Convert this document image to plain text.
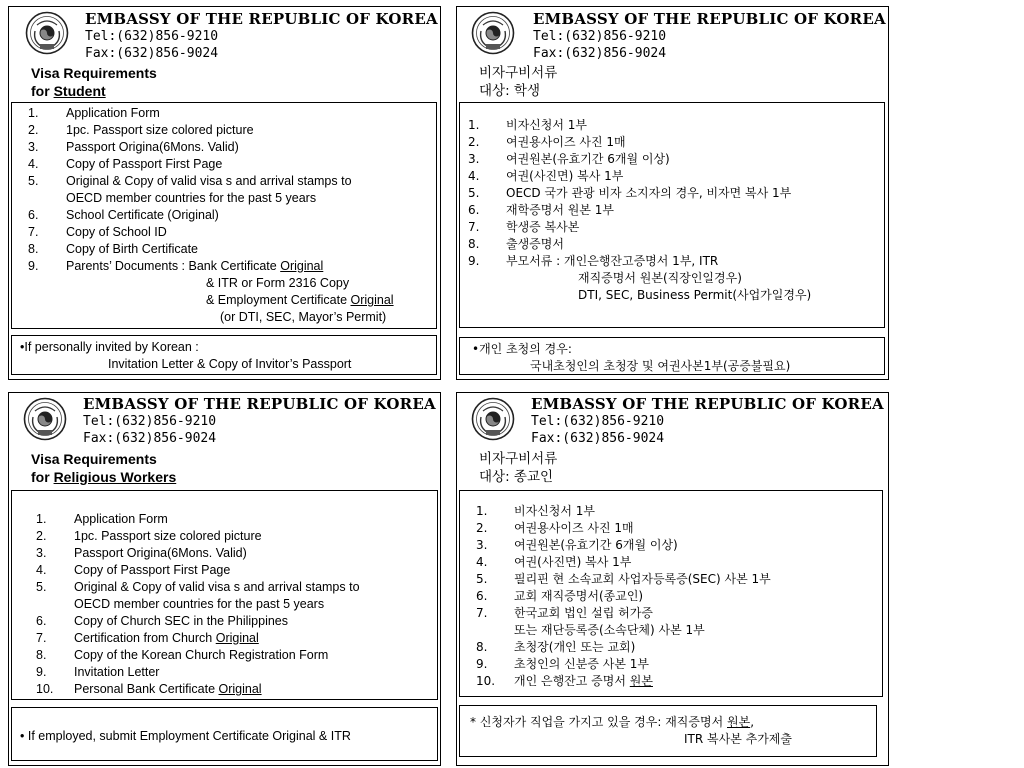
EMBASSY OF THE REPUBLIC OF KOREA
Tel:(632)856-9210
Fax:(632)856-9024
Visa Requirements
for Student
1. Application Form
2. 1pc. Passport size colored picture
3. Passport Origina(6Mons. Valid)
4. Copy of Passport First Page
5. Original & Copy of valid visa s and arrival stamps to
OECD member countries for the past 5 years
6. School Certificate (Original)
7. Copy of School ID
8. Copy of Birth Certificate
9. Parents’ Documents : Bank Certificate Original
& ITR or Form 2316 Copy
& Employment Certificate Original
(or DTI, SEC, Mayor’s Permit)
•If personally invited by Korean :
Invitation Letter & Copy of Invitor’s Passport
EMBASSY OF THE REPUBLIC OF KOREA
Tel:(632)856-9210
Fax:(632)856-9024
비자구비서류
대상: 학생
1. 비자신청서 1부
2. 여권용사이즈 사진 1매
3. 여권원본(유효기간 6개월 이상)
4. 여권(사진면) 복사 1부
5. OECD 국가 관광 비자 소지자의 경우, 비자면 복사 1부
6. 재학증명서 원본 1부
7. 학생증 복사본
8. 출생증명서
9. 부모서류 : 개인은행잔고증명서 1부, ITR
재직증명서 원본(직장인일경우)
DTI, SEC, Business Permit(사업가일경우)
•개인 초청의 경우:
국내초청인의 초청장 및 여권사본1부(공증불필요)
EMBASSY OF THE REPUBLIC OF KOREA
Tel:(632)856-9210
Fax:(632)856-9024
Visa Requirements
for Religious Workers
1. Application Form
2. 1pc. Passport size colored picture
3. Passport Origina(6Mons. Valid)
4. Copy of Passport First Page
5. Original & Copy of valid visa s and arrival stamps to
OECD member countries for the past 5 years
6. Copy of Church SEC in the Philippines
7. Certification from Church Original
8. Copy of the Korean Church Registration Form
9. Invitation Letter
10. Personal Bank Certificate Original
• If employed, submit Employment Certificate Original & ITR
EMBASSY OF THE REPUBLIC OF KOREA
Tel:(632)856-9210
Fax:(632)856-9024
비자구비서류
대상: 종교인
1. 비자신청서 1부
2. 여권용사이즈 사진 1매
3. 여권원본(유효기간 6개월 이상)
4. 여권(사진면) 복사 1부
5. 필리핀 현 소속교회 사업자등록증(SEC) 사본 1부
6. 교회 재직증명서(종교인)
7. 한국교회 법인 설립 허가증
또는 재단등록증(소속단체) 사본 1부
8. 초청장(개인 또는 교회)
9. 초청인의 신분증 사본 1부
10. 개인 은행잔고 증명서 원본
* 신청자가 직업을 가지고 있을 경우: 재직증명서 원본,
ITR 복사본 추가제출
